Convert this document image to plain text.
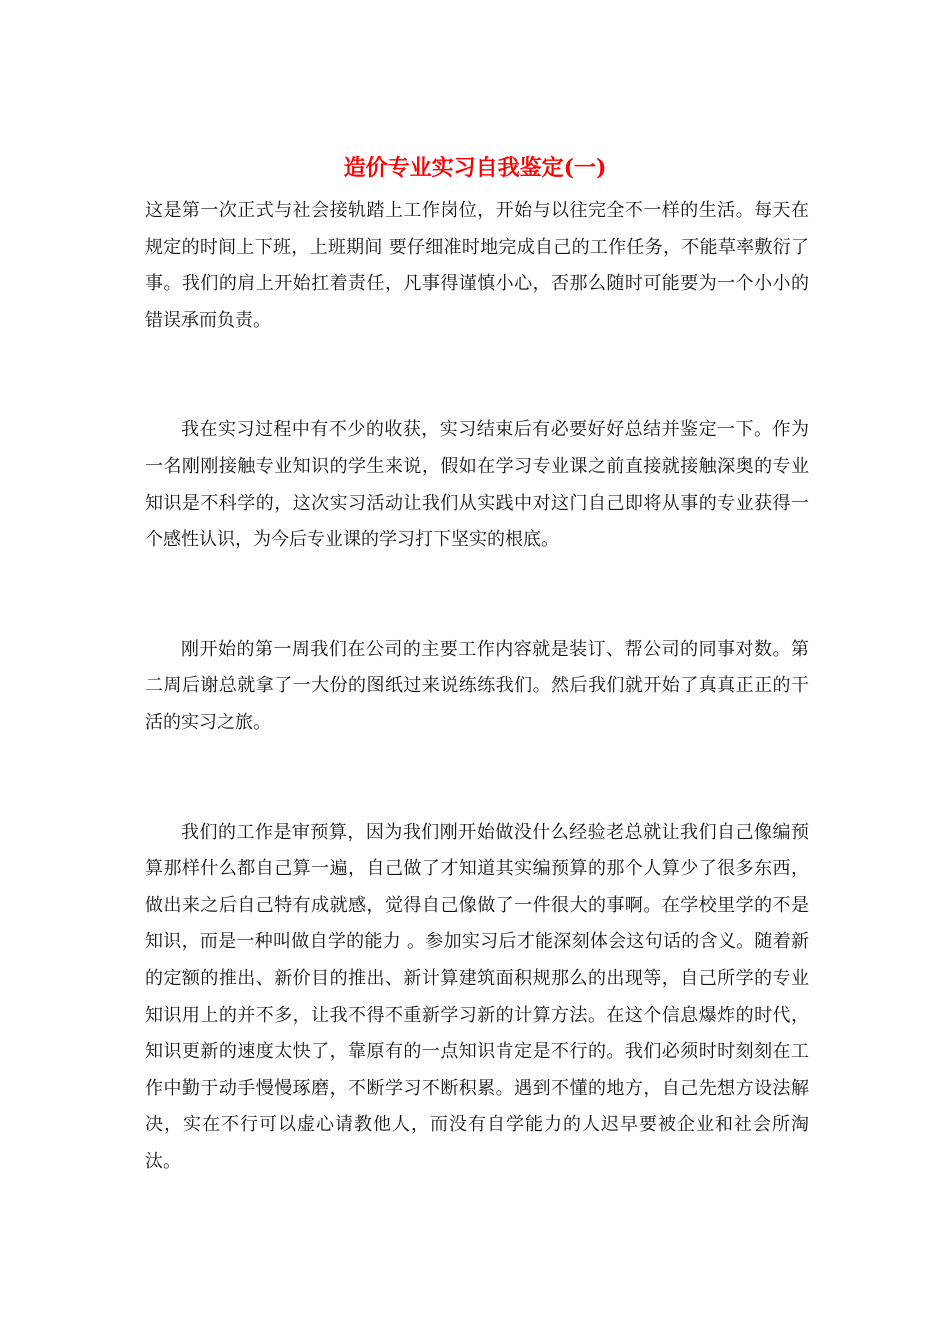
造价专业实习自我鉴定(一)

这是第一次正式与社会接轨踏上工作岗位，开始与以往完全不一样的生活。每天在规定的时间上下班，上班期间 要仔细准时地完成自己的工作任务，不能草率敷衍了事。我们的肩上开始扛着责任，凡事得谨慎小心，否那么随时可能要为一个小小的错误承而负责。

我在实习过程中有不少的收获，实习结束后有必要好好总结并鉴定一下。作为一名刚刚接触专业知识的学生来说，假如在学习专业课之前直接就接触深奥的专业知识是不科学的，这次实习活动让我们从实践中对这门自己即将从事的专业获得一个感性认识，为今后专业课的学习打下坚实的根底。

刚开始的第一周我们在公司的主要工作内容就是装订、帮公司的同事对数。第二周后谢总就拿了一大份的图纸过来说练练我们。然后我们就开始了真真正正的干活的实习之旅。

我们的工作是审预算，因为我们刚开始做没什么经验老总就让我们自己像编预算那样什么都自己算一遍，自己做了才知道其实编预算的那个人算少了很多东西，做出来之后自己特有成就感，觉得自己像做了一件很大的事啊。在学校里学的不是知识，而是一种叫做自学的能力 。参加实习后才能深刻体会这句话的含义。随着新的定额的推出、新价目的推出、新计算建筑面积规那么的出现等，自己所学的专业知识用上的并不多，让我不得不重新学习新的计算方法。在这个信息爆炸的时代，知识更新的速度太快了，靠原有的一点知识肯定是不行的。我们必须时时刻刻在工作中勤于动手慢慢琢磨，不断学习不断积累。遇到不懂的地方，自己先想方设法解决，实在不行可以虚心请教他人，而没有自学能力的人迟早要被企业和社会所淘汰。
